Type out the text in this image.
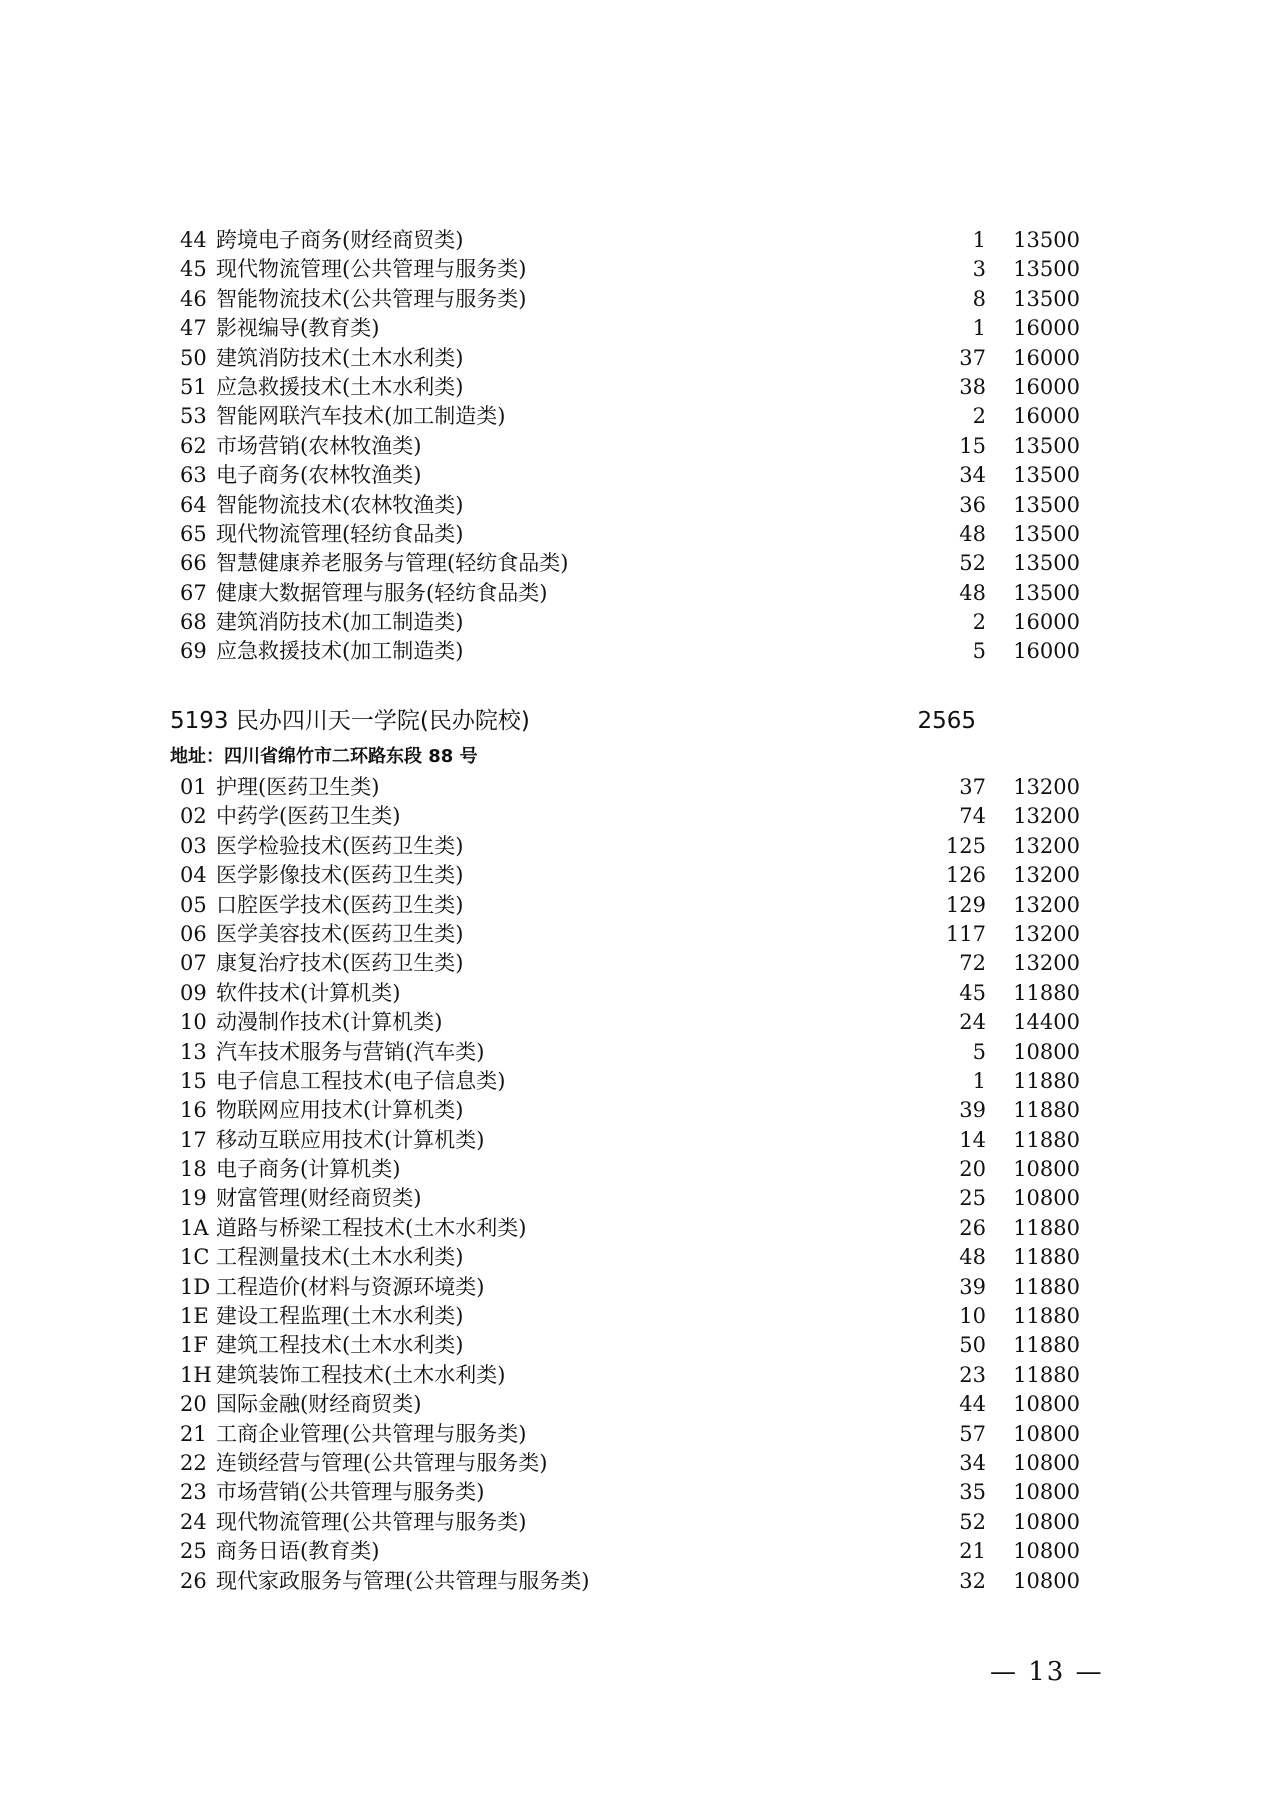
44 跨境电子商务(财经商贸类)	1	13500
45 现代物流管理(公共管理与服务类)	3	13500
46 智能物流技术(公共管理与服务类)	8	13500
47 影视编导(教育类)	1	16000
50 建筑消防技术(土木水利类)	37	16000
51 应急救援技术(土木水利类)	38	16000
53 智能网联汽车技术(加工制造类)	2	16000
62 市场营销(农林牧渔类)	15	13500
63 电子商务(农林牧渔类)	34	13500
64 智能物流技术(农林牧渔类)	36	13500
65 现代物流管理(轻纺食品类)	48	13500
66 智慧健康养老服务与管理(轻纺食品类)	52	13500
67 健康大数据管理与服务(轻纺食品类)	48	13500
68 建筑消防技术(加工制造类)	2	16000
69 应急救援技术(加工制造类)	5	16000
5193 民办四川天一学院(民办院校)	2565
地址：四川省绵竹市二环路东段 88 号
01 护理(医药卫生类)	37	13200
02 中药学(医药卫生类)	74	13200
03 医学检验技术(医药卫生类)	125	13200
04 医学影像技术(医药卫生类)	126	13200
05 口腔医学技术(医药卫生类)	129	13200
06 医学美容技术(医药卫生类)	117	13200
07 康复治疗技术(医药卫生类)	72	13200
09 软件技术(计算机类)	45	11880
10 动漫制作技术(计算机类)	24	14400
13 汽车技术服务与营销(汽车类)	5	10800
15 电子信息工程技术(电子信息类)	1	11880
16 物联网应用技术(计算机类)	39	11880
17 移动互联应用技术(计算机类)	14	11880
18 电子商务(计算机类)	20	10800
19 财富管理(财经商贸类)	25	10800
1A 道路与桥梁工程技术(土木水利类)	26	11880
1C 工程测量技术(土木水利类)	48	11880
1D 工程造价(材料与资源环境类)	39	11880
1E 建设工程监理(土木水利类)	10	11880
1F 建筑工程技术(土木水利类)	50	11880
1H 建筑装饰工程技术(土木水利类)	23	11880
20 国际金融(财经商贸类)	44	10800
21 工商企业管理(公共管理与服务类)	57	10800
22 连锁经营与管理(公共管理与服务类)	34	10800
23 市场营销(公共管理与服务类)	35	10800
24 现代物流管理(公共管理与服务类)	52	10800
25 商务日语(教育类)	21	10800
26 现代家政服务与管理(公共管理与服务类)	32	10800
— 13 —
